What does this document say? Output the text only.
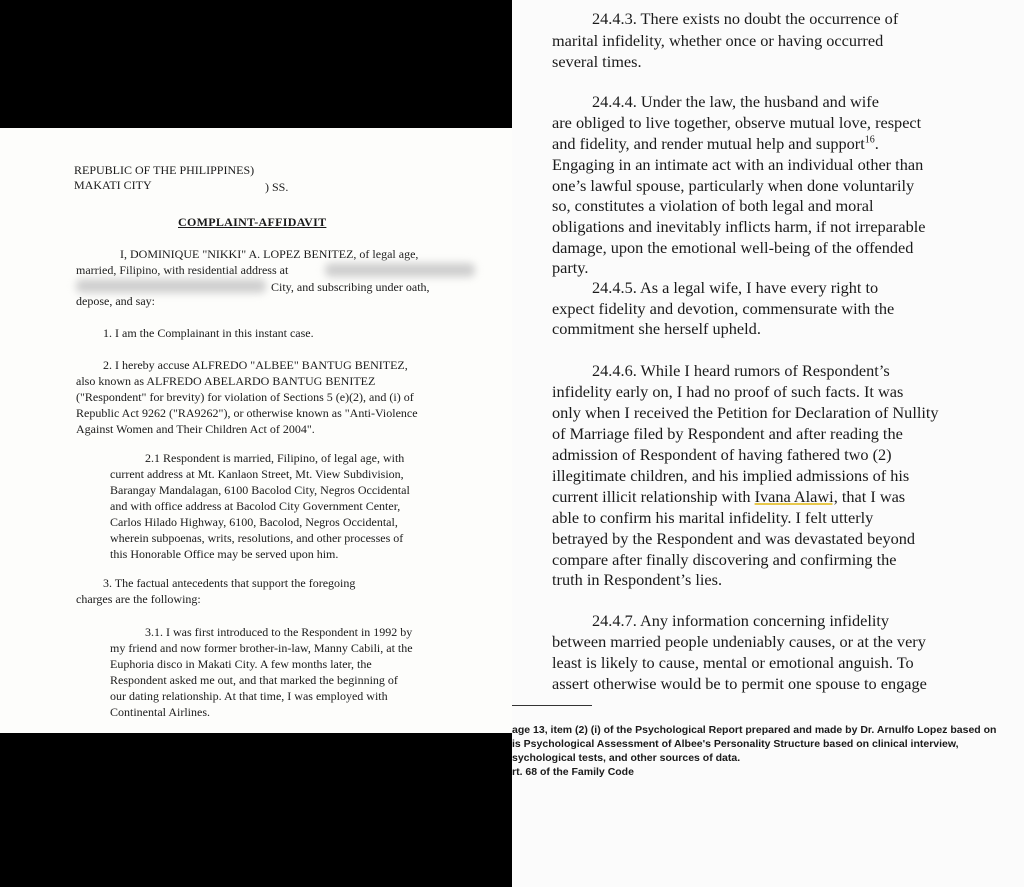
REPUBLIC OF THE PHILIPPINES)
MAKATI CITY	) SS.
COMPLAINT-AFFIDAVIT
I, DOMINIQUE "NIKKI" A. LOPEZ BENITEZ, of legal age,
married, Filipino, with residential address at
City, and subscribing under oath,
depose, and say:
1. I am the Complainant in this instant case.
2. I hereby accuse ALFREDO "ALBEE" BANTUG BENITEZ,
also known as ALFREDO ABELARDO BANTUG BENITEZ
("Respondent" for brevity) for violation of Sections 5 (e)(2), and (i) of
Republic Act 9262 ("RA9262"), or otherwise known as "Anti-Violence
Against Women and Their Children Act of 2004".
2.1 Respondent is married, Filipino, of legal age, with
current address at Mt. Kanlaon Street, Mt. View Subdivision,
Barangay Mandalagan, 6100 Bacolod City, Negros Occidental
and with office address at Bacolod City Government Center,
Carlos Hilado Highway, 6100, Bacolod, Negros Occidental,
wherein subpoenas, writs, resolutions, and other processes of
this Honorable Office may be served upon him.
3. The factual antecedents that support the foregoing
charges are the following:
3.1. I was first introduced to the Respondent in 1992 by
my friend and now former brother-in-law, Manny Cabili, at the
Euphoria disco in Makati City. A few months later, the
Respondent asked me out, and that marked the beginning of
our dating relationship. At that time, I was employed with
Continental Airlines.
24.4.3. There exists no doubt the occurrence of
marital infidelity, whether once or having occurred
several times.
24.4.4. Under the law, the husband and wife
are obliged to live together, observe mutual love, respect
and fidelity, and render mutual help and support$^{16}$.
Engaging in an intimate act with an individual other than
one’s lawful spouse, particularly when done voluntarily
so, constitutes a violation of both legal and moral
obligations and inevitably inflicts harm, if not irreparable
damage, upon the emotional well-being of the offended
party.
24.4.5. As a legal wife, I have every right to
expect fidelity and devotion, commensurate with the
commitment she herself upheld.
24.4.6. While I heard rumors of Respondent’s
infidelity early on, I had no proof of such facts. It was
only when I received the Petition for Declaration of Nullity
of Marriage filed by Respondent and after reading the
admission of Respondent of having fathered two (2)
illegitimate children, and his implied admissions of his
current illicit relationship with Ivana Alawi, that I was
able to confirm his marital infidelity. I felt utterly
betrayed by the Respondent and was devastated beyond
compare after finally discovering and confirming the
truth in Respondent’s lies.
24.4.7. Any information concerning infidelity
between married people undeniably causes, or at the very
least is likely to cause, mental or emotional anguish. To
assert otherwise would be to permit one spouse to engage
age 13, item (2) (i) of the Psychological Report prepared and made by Dr. Arnulfo Lopez based on
is Psychological Assessment of Albee's Personality Structure based on clinical interview,
sychological tests, and other sources of data.
rt. 68 of the Family Code
